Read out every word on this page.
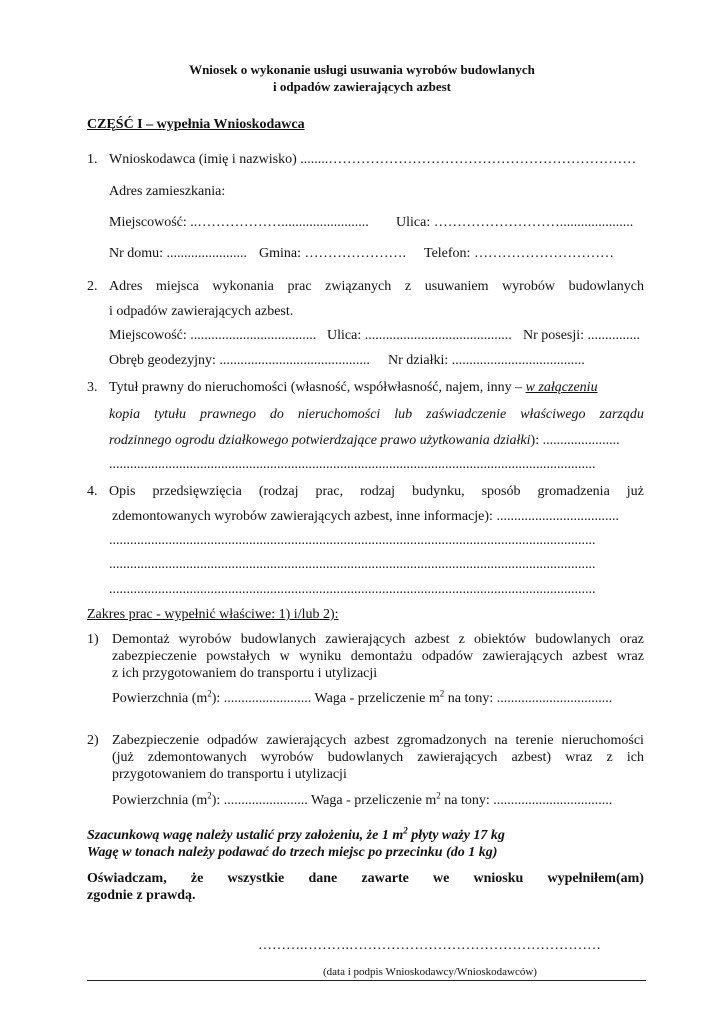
Wniosek o wykonanie usługi usuwania wyrobów budowlanych
i odpadów zawierających azbest
CZĘŚĆ I – wypełnia Wnioskodawca
1. Wnioskodawca (imię i nazwisko) ........…………………………………………………………
Adres zamieszkania:
Miejscowość: ..………………......................... Ulica: ……………………….....................
Nr domu: ....................... Gmina: …………………. Telefon: …………………………
2. Adres miejsca wykonania prac związanych z usuwaniem wyrobów budowlanych
i odpadów zawierających azbest.
Miejscowość: .................................... Ulica: .......................................... Nr posesji: ...............
Obręb geodezyjny: ........................................... Nr działki: ......................................
3. Tytuł prawny do nieruchomości (własność, współwłasność, najem, inny – w załączeniu
kopia tytułu prawnego do nieruchomości lub zaświadczenie właściwego zarządu
rodzinnego ogrodu działkowego potwierdzające prawo użytkowania działki): ......................
...........................................................................................................................................
4. Opis przedsięwzięcia (rodzaj prac, rodzaj budynku, sposób gromadzenia już
zdemontowanych wyrobów zawierających azbest, inne informacje): ...................................
...........................................................................................................................................
...........................................................................................................................................
...........................................................................................................................................
Zakres prac - wypełnić właściwe: 1) i/lub 2):
1) Demontaż wyrobów budowlanych zawierających azbest z obiektów budowlanych oraz
zabezpieczenie powstałych w wyniku demontażu odpadów zawierających azbest wraz
z ich przygotowaniem do transportu i utylizacji
Powierzchnia $(m^2)$: ......................... Waga - przeliczenie $m^2$ na tony: .................................
2) Zabezpieczenie odpadów zawierających azbest zgromadzonych na terenie nieruchomości
(już zdemontowanych wyrobów budowlanych zawierających azbest) wraz z ich
przygotowaniem do transportu i utylizacji
Powierzchnia $(m^2)$: ........................ Waga - przeliczenie $m^2$ na tony: ..................................
Szacunkową wagę należy ustalić przy założeniu, że 1 $m^2$ płyty waży 17 kg
Wagę w tonach należy podawać do trzech miejsc po przecinku (do 1 kg)
Oświadczam, że wszystkie dane zawarte we wniosku wypełniłem(am)
zgodnie z prawdą.
……….……….………………………………………………
(data i podpis Wnioskodawcy/Wnioskodawców)
